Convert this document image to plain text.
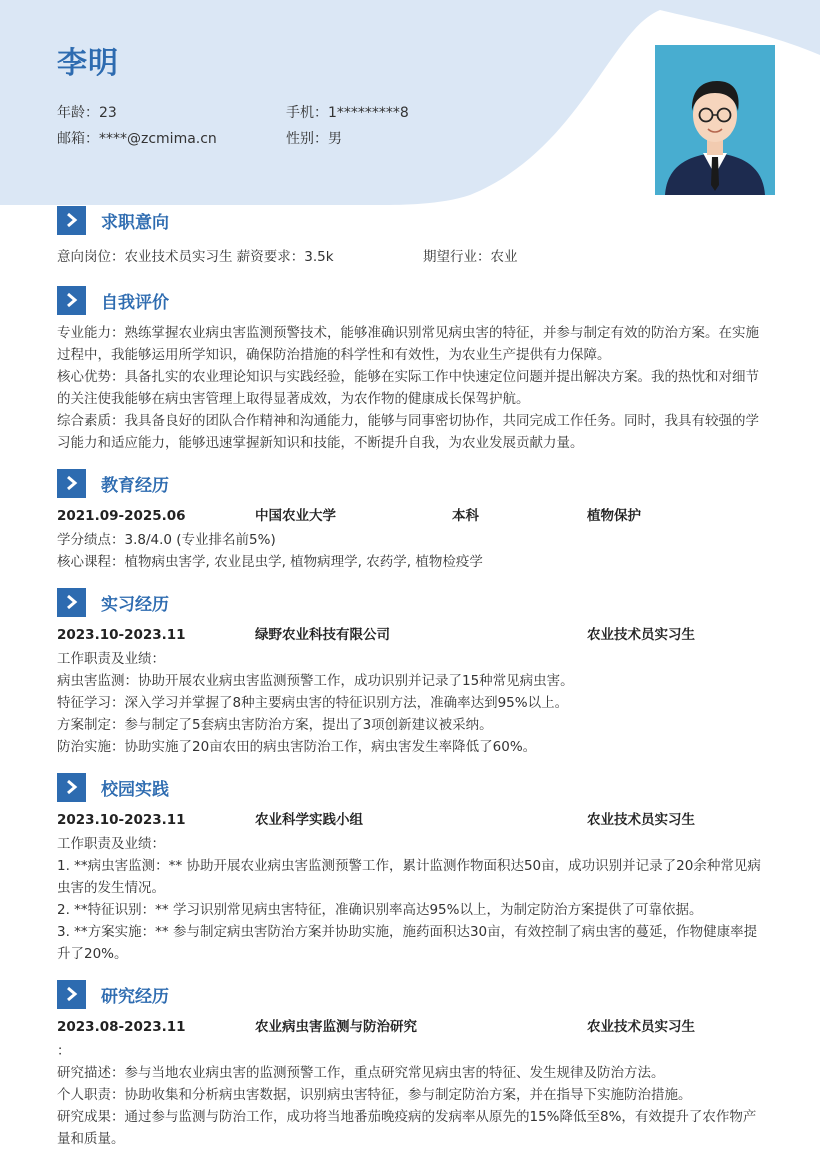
李明
年龄：23	手机：1*********8
邮箱：****@zcmima.cn	性别：男
求职意向
意向岗位：农业技术员实习生 薪资要求：3.5k	期望行业：农业
自我评价
专业能力：熟练掌握农业病虫害监测预警技术，能够准确识别常见病虫害的特征，并参与制定有效的防治方案。在实施过程中，我能够运用所学知识，确保防治措施的科学性和有效性，为农业生产提供有力保障。
核心优势：具备扎实的农业理论知识与实践经验，能够在实际工作中快速定位问题并提出解决方案。我的热忱和对细节的关注使我能够在病虫害管理上取得显著成效，为农作物的健康成长保驾护航。
综合素质：我具备良好的团队合作精神和沟通能力，能够与同事密切协作，共同完成工作任务。同时，我具有较强的学习能力和适应能力，能够迅速掌握新知识和技能，不断提升自我，为农业发展贡献力量。
教育经历
2021.09-2025.06	中国农业大学	本科	植物保护
学分绩点：3.8/4.0 (专业排名前5%)
核心课程：植物病虫害学, 农业昆虫学, 植物病理学, 农药学, 植物检疫学
实习经历
2023.10-2023.11	绿野农业科技有限公司	农业技术员实习生
工作职责及业绩：
病虫害监测：协助开展农业病虫害监测预警工作，成功识别并记录了15种常见病虫害。
特征学习：深入学习并掌握了8种主要病虫害的特征识别方法，准确率达到95%以上。
方案制定：参与制定了5套病虫害防治方案，提出了3项创新建议被采纳。
防治实施：协助实施了20亩农田的病虫害防治工作，病虫害发生率降低了60%。
校园实践
2023.10-2023.11	农业科学实践小组	农业技术员实习生
工作职责及业绩：
1. **病虫害监测：** 协助开展农业病虫害监测预警工作，累计监测作物面积达50亩，成功识别并记录了20余种常见病虫害的发生情况。
2. **特征识别：** 学习识别常见病虫害特征，准确识别率高达95%以上，为制定防治方案提供了可靠依据。
3. **方案实施：** 参与制定病虫害防治方案并协助实施，施药面积达30亩，有效控制了病虫害的蔓延，作物健康率提升了20%。
研究经历
2023.08-2023.11	农业病虫害监测与防治研究	农业技术员实习生
：
研究描述：参与当地农业病虫害的监测预警工作，重点研究常见病虫害的特征、发生规律及防治方法。
个人职责：协助收集和分析病虫害数据，识别病虫害特征，参与制定防治方案，并在指导下实施防治措施。
研究成果：通过参与监测与防治工作，成功将当地番茄晚疫病的发病率从原先的15%降低至8%，有效提升了农作物产量和质量。
